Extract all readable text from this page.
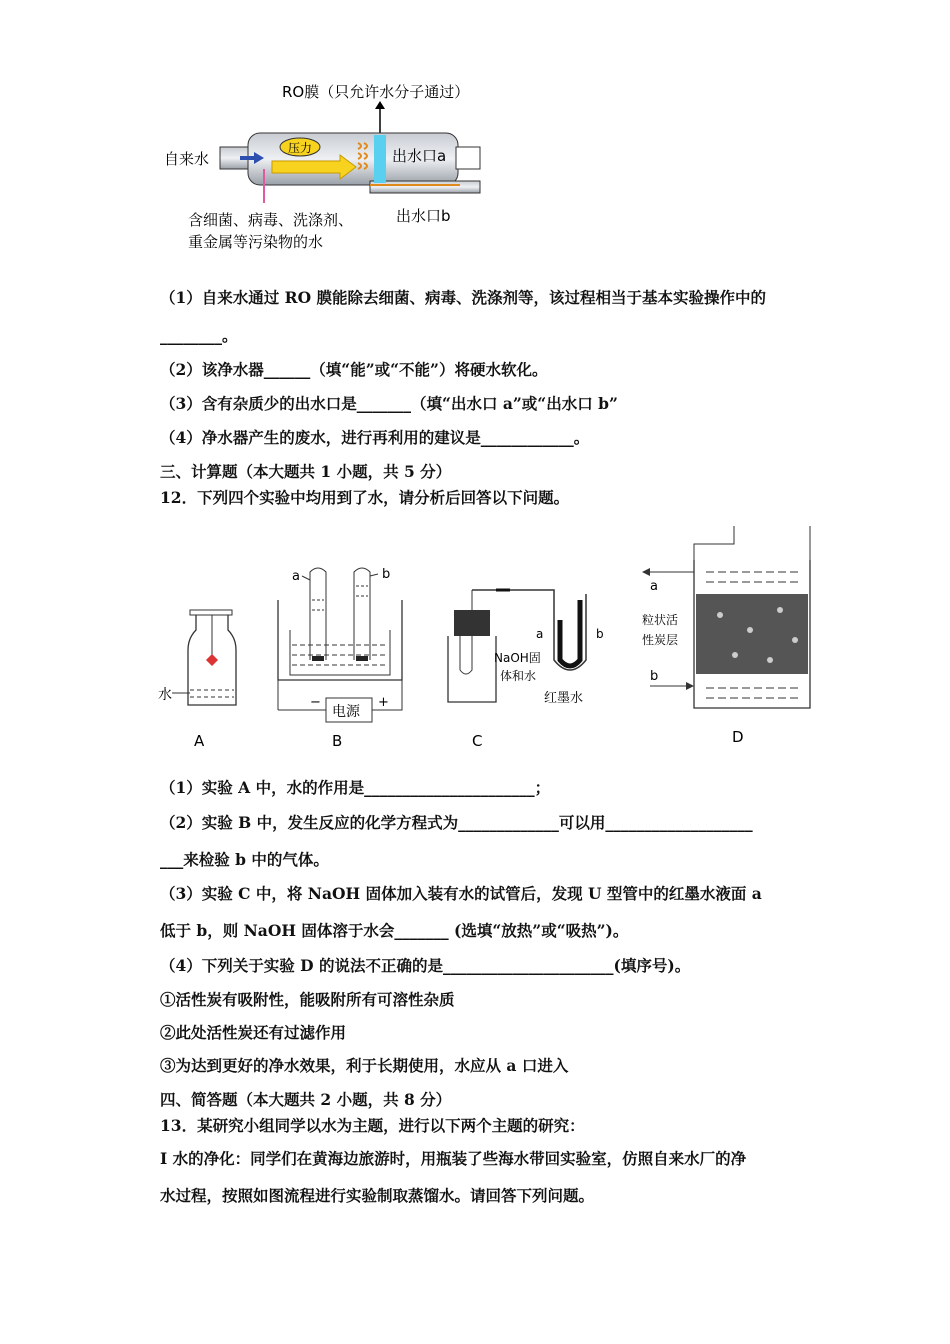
RO膜（只允许水分子通过）
压力
自来水	出水口a
出水口b
含细菌、病毒、洗涤剂、
重金属等污染物的水
（1）自来水通过 RO 膜能除去细菌、病毒、洗涤剂等，该过程相当于基本实验操作中的
________。
（2）该净水器______（填“能”或“不能”）将硬水软化。
（3）含有杂质少的出水口是_______（填“出水口 a”或“出水口 b”
（4）净水器产生的废水，进行再利用的建议是____________。
三、计算题（本大题共 1 小题，共 5 分）
12．下列四个实验中均用到了水，请分析后回答以下问题。
水
A
a	b
电源
−	+
B
a	b
NaOH固
体和水
红墨水
C
a
b
粒状活
性炭层
D
（1）实验 A 中，水的作用是______________________；
（2）实验 B 中，发生反应的化学方程式为_____________可以用___________________
___来检验 b 中的气体。
（3）实验 C 中，将 NaOH 固体加入装有水的试管后，发现 U 型管中的红墨水液面 a
低于 b，则 NaOH 固体溶于水会_______ (选填“放热”或“吸热”)。
（4）下列关于实验 D 的说法不正确的是______________________(填序号)。
①活性炭有吸附性，能吸附所有可溶性杂质
②此处活性炭还有过滤作用
③为达到更好的净水效果，利于长期使用，水应从 a 口进入
四、简答题（本大题共 2 小题，共 8 分）
13．某研究小组同学以水为主题，进行以下两个主题的研究：
I 水的净化：同学们在黄海边旅游时，用瓶装了些海水带回实验室，仿照自来水厂的净
水过程，按照如图流程进行实验制取蒸馏水。请回答下列问题。
